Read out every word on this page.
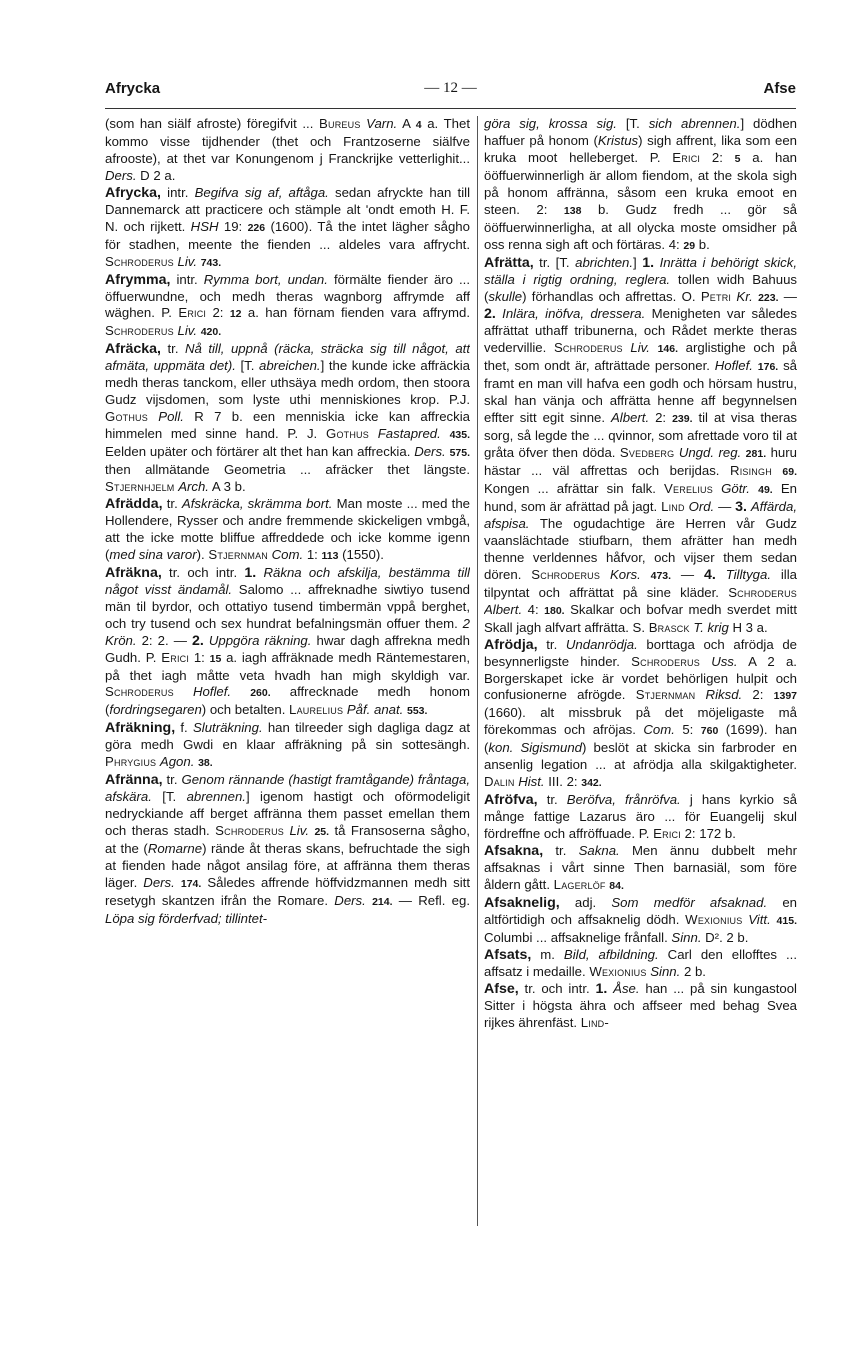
Afrycka	— 12 —	Afse

(som han siälf afroste) föregifvit ... Bureus Varn. A 4 a. Thet kommo visse tijdhender (thet och Frantzoserne siälfve afrooste), at thet var Konungenom j Franckrijke vetterlighit... Ders. D 2 a.

Afrycka, intr. Begifva sig af, aftåga. sedan afryckte han till Dannemarck att practicere och stämple alt ʹondt emoth H. F. N. och rijkett. HSH 19: 226 (1600). Tå the intet lägher sågho för stadhen, meente the fienden ... aldeles vara affrycht. Schroderus Liv. 743.

Afrymma, intr. Rymma bort, undan. förmälte fiender äro ... öffuerwundne, och medh theras wagnborg affrymde aff wäghen. P. Erici 2: 12 a. han förnam fienden vara affrymd. Schroderus Liv. 420.

Afräcka, tr. Nå till, uppnå (räcka, sträcka sig till något, att afmäta, uppmäta det). [T. abreichen.] the kunde icke affräckia medh theras tanckom, eller uthsäya medh ordom, then stoora Gudz vijsdomen, som lyste uthi menniskiones krop. P.J. Gothus Poll. R 7 b. een menniskia icke kan affreckia himmelen med sinne hand. P. J. Gothus Fastapred. 435. Eelden upäter och förtärer alt thet han kan affreckia. Ders. 575. then allmätande Geometria ... afräcker thet längste. Stjernhjelm Arch. A 3 b.

Afrädda, tr. Afskräcka, skrämma bort. Man moste ... med the Hollendere, Rysser och andre fremmende skickeligen vmbgå, att the icke motte bliffue affreddede och icke komme igenn (med sina varor). Stjernman Com. 1: 113 (1550).

Afräkna, tr. och intr. 1. Räkna och afskilja, bestämma till något visst ändamål. Salomo ... affreknadhe siwtiyo tusend män til byrdor, och ottatiyo tusend timbermän vppå berghet, och try tusend och sex hundrat befalningsmän offuer them. 2 Krön. 2: 2. — 2. Uppgöra räkning. hwar dagh affrekna medh Gudh. P. Erici 1: 15 a. iagh affräknade medh Räntemestaren, på thet iagh måtte veta hvadh han migh skyldigh var. Schroderus Hoflef. 260. affrecknade medh honom (fordringsegaren) och betalten. Laurelius Påf. anat. 553.

Afräkning, f. Sluträkning. han tilreeder sigh dagliga dagz at göra medh Gwdi en klaar affräkning på sin sottesängh. Phrygius Agon. 38.

Afränna, tr. Genom rännande (hastigt framtågande) fråntaga, afskära. [T. abrennen.] igenom hastigt och oförmodeligit nedryckiande aff berget affränna them passet emellan them och theras stadh. Schroderus Liv. 25. tå Fransoserna sågho, at the (Romarne) rände åt theras skans, befruchtade the sigh at fienden hade något ansilag före, at affränna them theras läger. Ders. 174. Således affrende höffvidzmannen medh sitt resetygh skantzen ifrån the Romare. Ders. 214. — Refl. eg. Löpa sig förderfvad; tillintet-

göra sig, krossa sig. [T. sich abrennen.] dödhen haffuer på honom (Kristus) sigh affrent, lika som een kruka moot helleberget. P. Erici 2: 5 a. han ööffuerwinnerligh är allom fiendom, at the skola sigh på honom affränna, såsom een kruka emoot en steen. 2: 138 b. Gudz fredh ... gör så ööffuerwinnerligha, at all olycka moste omsidher på oss renna sigh aft och förtäras. 4: 29 b.

Afrätta, tr. [T. abrichten.] 1. Inrätta i behörigt skick, ställa i rigtig ordning, reglera. tollen widh Bahuus (skulle) förhandlas och affrettas. O. Petri Kr. 223. — 2. Inlära, inöfva, dressera. Menigheten var således affrättat uthaff tribunerna, och Rådet merkte theras vedervillie. Schroderus Liv. 146. arglistighe och på thet, som ondt är, afträttade personer. Hoflef. 176. så framt en man vill hafva een godh och hörsam hustru, skal han vänja och affrätta henne aff begynnelsen effter sitt egit sinne. Albert. 2: 239. til at visa theras sorg, så legde the ... qvinnor, som afrettade voro til at gråta öfver then döda. Svedberg Ungd. reg. 281. huru hästar ... väl affrettas och berijdas. Risingh 69. Kongen ... afrättar sin falk. Verelius Götr. 49. En hund, som är afrättad på jagt. Lind Ord. — 3. Affärda, afspisa. The ogudachtige äre Herren vår Gudz vaanslächtade stiufbarn, them afrätter han medh thenne verldennes håfvor, och vijser them sedan dören. Schroderus Kors. 473. — 4. Tilltyga. illa tilpyntat och affrättat på sine kläder. Schroderus Albert. 4: 180. Skalkar och bofvar medh sverdet mitt Skall jagh alfvart affrätta. S. Brasck T. krig H 3 a.

Afrödja, tr. Undanrödja. borttaga och afrödja de besynnerligste hinder. Schroderus Uss. A 2 a. Borgerskapet icke är vordet behörligen hulpit och confusionerne afrögde. Stjernman Riksd. 2: 1397 (1660). alt missbruk på det möjeligaste må förekommas och afröjas. Com. 5: 760 (1699). han (kon. Sigismund) beslöt at skicka sin farbroder en ansenlig legation ... at afrödja alla skilgaktigheter. Dalin Hist. III. 2: 342.

Afröfva, tr. Beröfva, frånröfva. j hans kyrkio så månge fattige Lazarus äro ... för Euangelij skul fördreffne och affröffuade. P. Erici 2: 172 b.

Afsakna, tr. Sakna. Men ännu dubbelt mehr affsaknas i vårt sinne Then barnasiäl, som före åldern gått. Lagerlöf 84.

Afsaknelig, adj. Som medför afsaknad. en altförtidigh och affsaknelig dödh. Wexionius Vitt. 415. Columbi ... affsaknelige frånfall. Sinn. D². 2 b.

Afsats, m. Bild, afbildning. Carl den ellofftes ... affsatz i medaille. Wexionius Sinn. 2 b.

Afse, tr. och intr. 1. Åse. han ... på sin kungastool Sitter i högsta ähra och affseer med behag Svea rijkes ährenfäst. Lind-
